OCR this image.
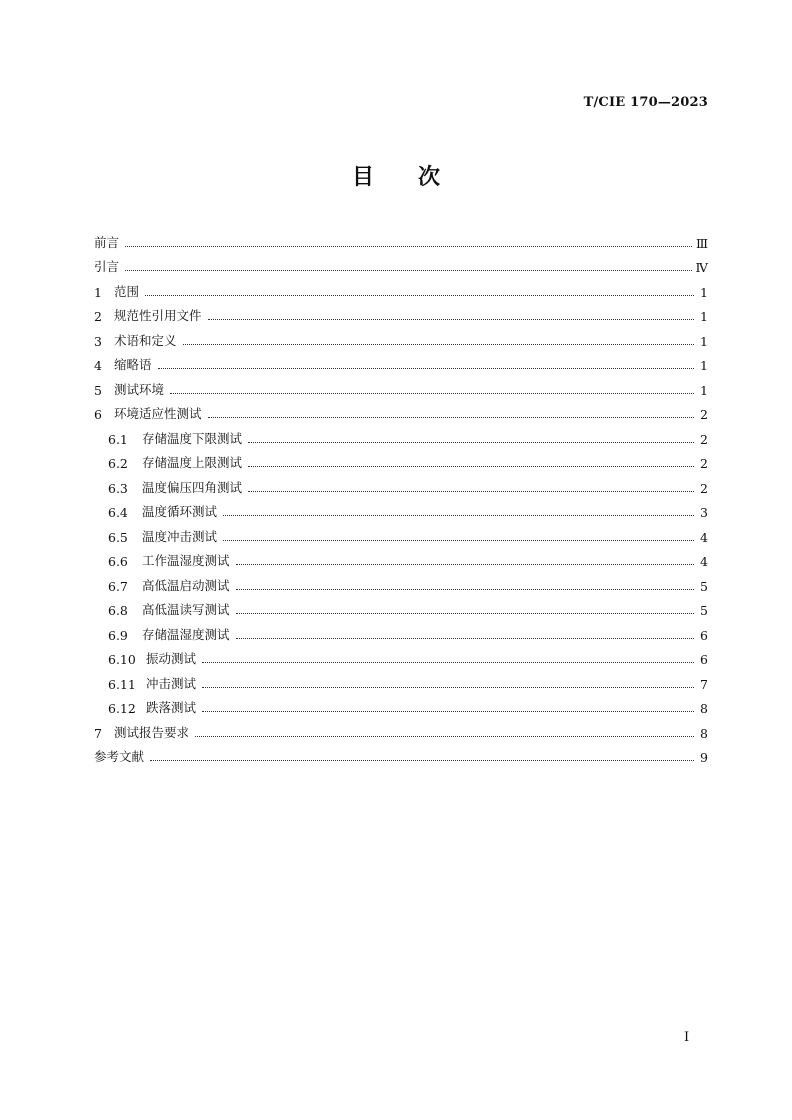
T/CIE 170—2023
目 次
前言	Ⅲ
引言	Ⅳ
1 范围	1
2 规范性引用文件	1
3 术语和定义	1
4 缩略语	1
5 测试环境	1
6 环境适应性测试	2
6.1	存储温度下限测试	2
6.2	存储温度上限测试	2
6.3	温度偏压四角测试	2
6.4	温度循环测试	3
6.5	温度冲击测试	4
6.6	工作温湿度测试	4
6.7	高低温启动测试	5
6.8	高低温读写测试	5
6.9	存储温湿度测试	6
6.10 振动测试	6
6.11 冲击测试	7
6.12 跌落测试	8
7 测试报告要求	8
参考文献	9
I
